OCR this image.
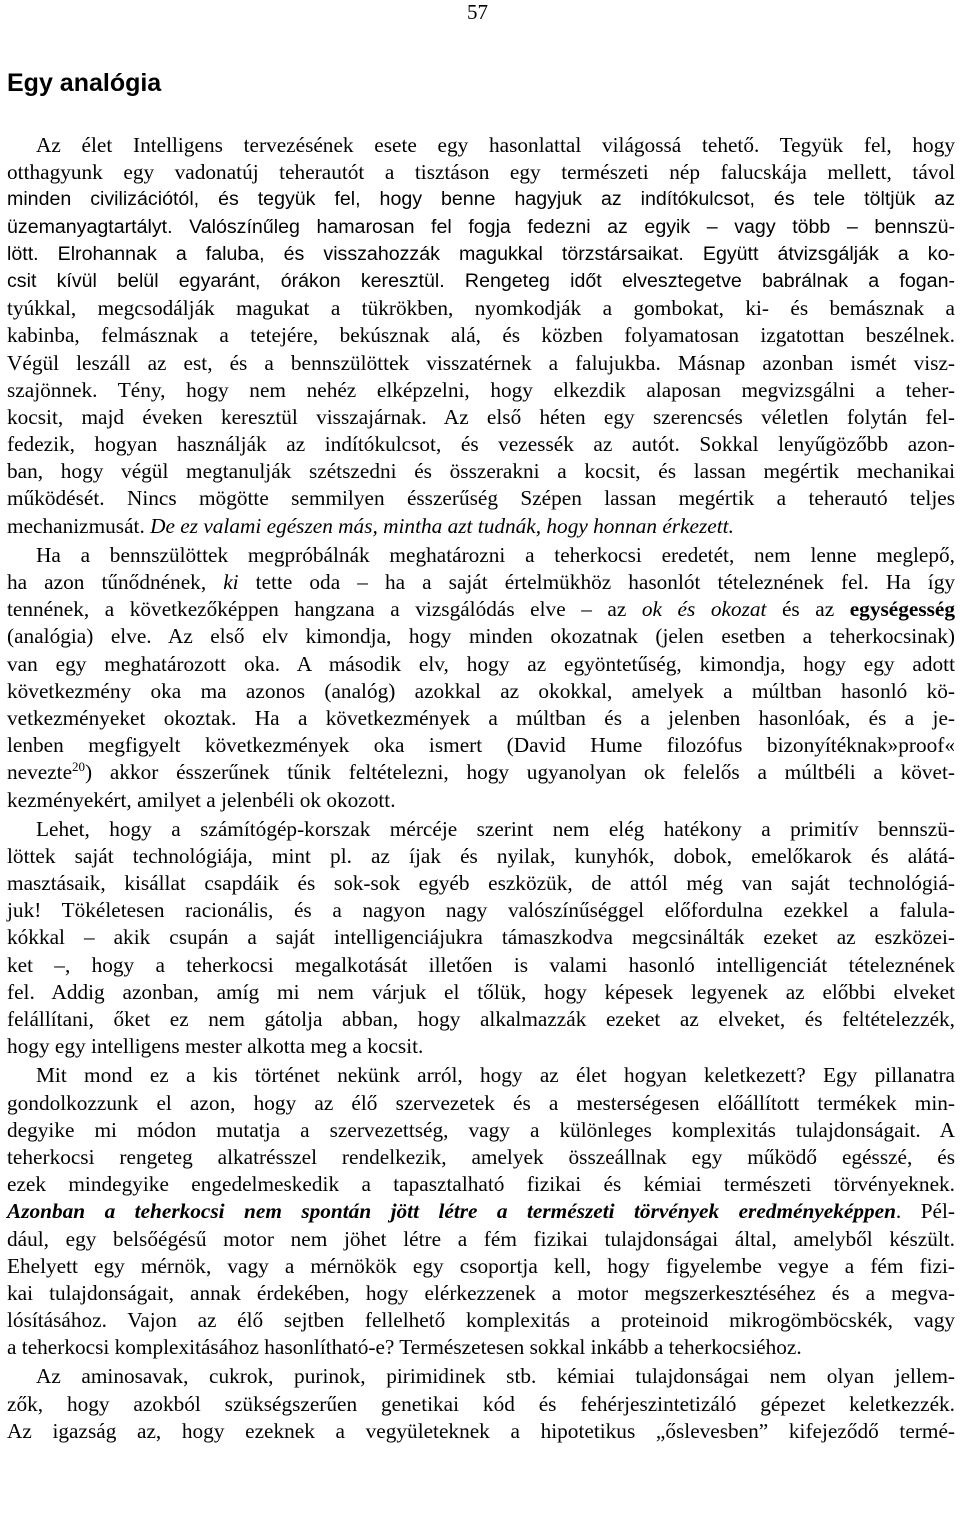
57
Egy analógia
Az élet Intelligens tervezésének esete egy hasonlattal világossá tehető. Tegyük fel, hogy
otthagyunk egy vadonatúj teherautót a tisztáson egy természeti nép falucskája mellett, távol
minden civilizációtól, és tegyük fel, hogy benne hagyjuk az indítókulcsot, és tele töltjük az
üzemanyagtartályt. Valószínűleg hamarosan fel fogja fedezni az egyik – vagy több – bennszü-
lött. Elrohannak a faluba, és visszahozzák magukkal törzstársaikat. Együtt átvizsgálják a ko-
csit kívül belül egyaránt, órákon keresztül. Rengeteg időt elvesztegetve babrálnak a fogan-
tyúkkal, megcsodálják magukat a tükrökben, nyomkodják a gombokat, ki- és bemásznak a
kabinba, felmásznak a tetejére, bekúsznak alá, és közben folyamatosan izgatottan beszélnek.
Végül leszáll az est, és a bennszülöttek visszatérnek a falujukba. Másnap azonban ismét visz-
szajönnek. Tény, hogy nem nehéz elképzelni, hogy elkezdik alaposan megvizsgálni a teher-
kocsit, majd éveken keresztül visszajárnak. Az első héten egy szerencsés véletlen folytán fel-
fedezik, hogyan használják az indítókulcsot, és vezessék az autót. Sokkal lenyűgözőbb azon-
ban, hogy végül megtanulják szétszedni és összerakni a kocsit, és lassan megértik mechanikai
működését. Nincs mögötte semmilyen ésszerűség Szépen lassan megértik a teherautó teljes
mechanizmusát. De ez valami egészen más, mintha azt tudnák, hogy honnan érkezett.
Ha a bennszülöttek megpróbálnák meghatározni a teherkocsi eredetét, nem lenne meglepő,
ha azon tűnődnének, ki tette oda – ha a saját értelmükhöz hasonlót tételeznének fel. Ha így
tennének, a következőképpen hangzana a vizsgálódás elve – az ok és okozat és az egységesség
(analógia) elve. Az első elv kimondja, hogy minden okozatnak (jelen esetben a teherkocsinak)
van egy meghatározott oka. A második elv, hogy az egyöntetűség, kimondja, hogy egy adott
következmény oka ma azonos (analóg) azokkal az okokkal, amelyek a múltban hasonló kö-
vetkezményeket okoztak. Ha a következmények a múltban és a jelenben hasonlóak, és a je-
lenben megfigyelt következmények oka ismert (David Hume filozófus bizonyítéknak»proof«
nevezte$^{20}$) akkor ésszerűnek tűnik feltételezni, hogy ugyanolyan ok felelős a múltbéli a követ-
kezményekért, amilyet a jelenbéli ok okozott.
Lehet, hogy a számítógép-korszak mércéje szerint nem elég hatékony a primitív bennszü-
löttek saját technológiája, mint pl. az íjak és nyilak, kunyhók, dobok, emelőkarok és alátá-
masztásaik, kisállat csapdáik és sok-sok egyéb eszközük, de attól még van saját technológiá-
juk! Tökéletesen racionális, és a nagyon nagy valószínűséggel előfordulna ezekkel a falula-
kókkal – akik csupán a saját intelligenciájukra támaszkodva megcsinálták ezeket az eszközei-
ket –, hogy a teherkocsi megalkotását illetően is valami hasonló intelligenciát tételeznének
fel. Addig azonban, amíg mi nem várjuk el tőlük, hogy képesek legyenek az előbbi elveket
felállítani, őket ez nem gátolja abban, hogy alkalmazzák ezeket az elveket, és feltételezzék,
hogy egy intelligens mester alkotta meg a kocsit.
Mit mond ez a kis történet nekünk arról, hogy az élet hogyan keletkezett? Egy pillanatra
gondolkozzunk el azon, hogy az élő szervezetek és a mesterségesen előállított termékek min-
degyike mi módon mutatja a szervezettség, vagy a különleges komplexitás tulajdonságait. A
teherkocsi rengeteg alkatrésszel rendelkezik, amelyek összeállnak egy működő egésszé, és
ezek mindegyike engedelmeskedik a tapasztalható fizikai és kémiai természeti törvényeknek.
Azonban a teherkocsi nem spontán jött létre a természeti törvények eredményeképpen. Pél-
dául, egy belsőégésű motor nem jöhet létre a fém fizikai tulajdonságai által, amelyből készült.
Ehelyett egy mérnök, vagy a mérnökök egy csoportja kell, hogy figyelembe vegye a fém fizi-
kai tulajdonságait, annak érdekében, hogy elérkezzenek a motor megszerkesztéséhez és a megva-
lósításához. Vajon az élő sejtben fellelhető komplexitás a proteinoid mikrogömböcskék, vagy
a teherkocsi komplexitásához hasonlítható-e? Természetesen sokkal inkább a teherkocsiéhoz.
Az aminosavak, cukrok, purinok, pirimidinek stb. kémiai tulajdonságai nem olyan jellem-
zők, hogy azokból szükségszerűen genetikai kód és fehérjeszintetizáló gépezet keletkezzék.
Az igazság az, hogy ezeknek a vegyületeknek a hipotetikus „őslevesben” kifejeződő termé-
